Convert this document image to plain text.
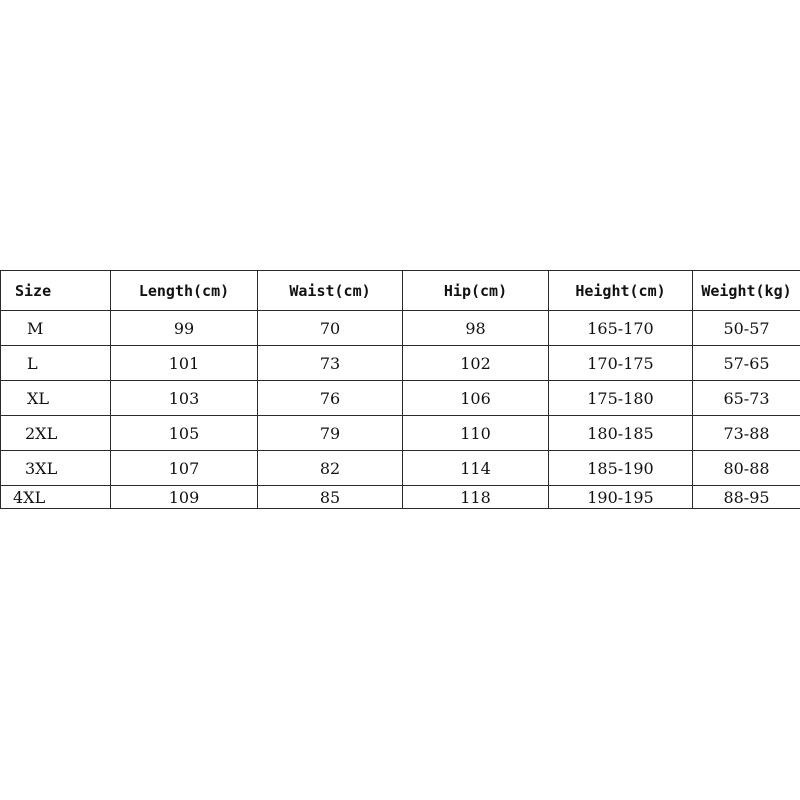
Size	Length(cm)	Waist(cm)	Hip(cm)	Height(cm)	Weight(kg)
M	99	70	98	165-170	50-57
L	101	73	102	170-175	57-65
XL	103	76	106	175-180	65-73
2XL	105	79	110	180-185	73-88
3XL	107	82	114	185-190	80-88
4XL	109	85	118	190-195	88-95
